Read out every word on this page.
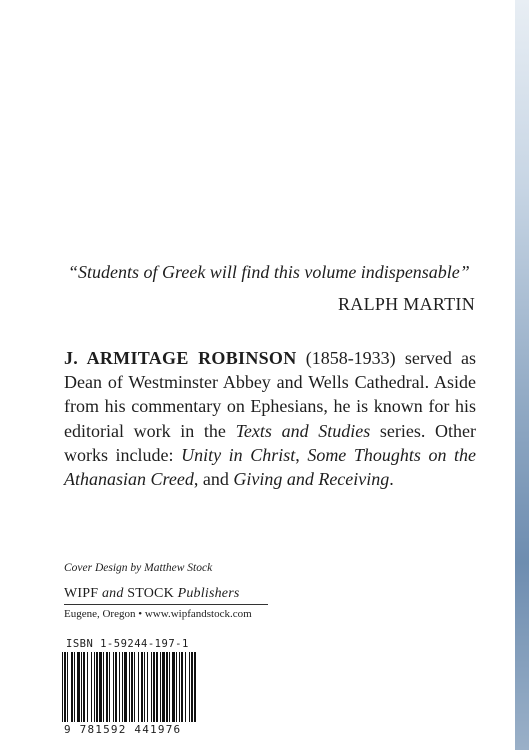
“Students of Greek will find this volume indispensable”
RALPH MARTIN
J. ARMITAGE ROBINSON (1858-1933) served as Dean of Westminster Abbey and Wells Cathedral. Aside from his commentary on Ephesians, he is known for his editorial work in the Texts and Studies series. Other works include: Unity in Christ, Some Thoughts on the Athanasian Creed, and Giving and Receiving.
Cover Design by Matthew Stock
WIPF and STOCK Publishers
Eugene, Oregon • www.wipfandstock.com
ISBN 1-59244-197-1
9 781592 441976
